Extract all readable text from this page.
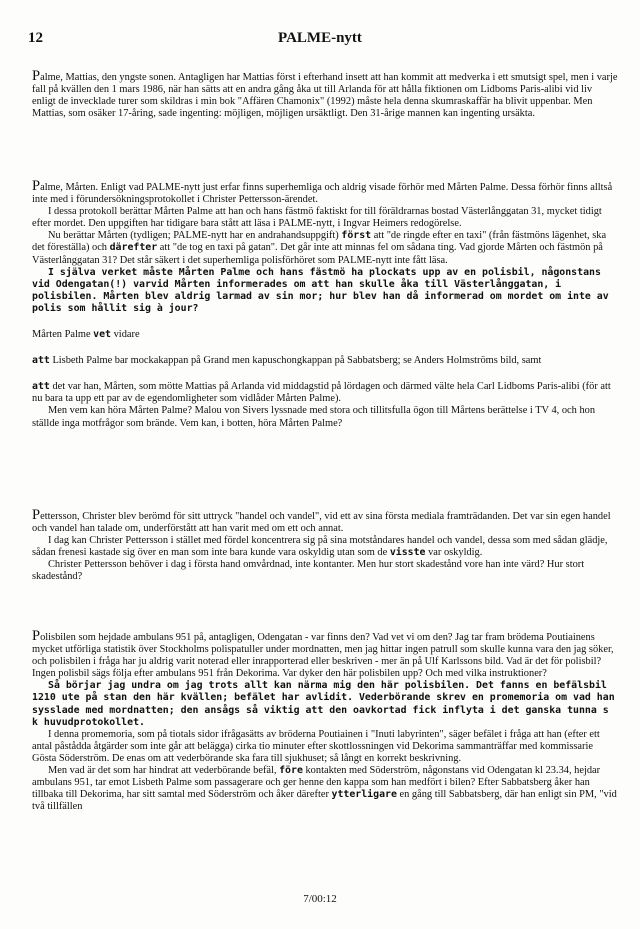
12	PALME-nytt

Palme, Mattias, den yngste sonen. Antagligen har Mattias först i efterhand insett att han kommit att medverka i ett smutsigt spel, men i varje fall på kvällen den 1 mars 1986, när han sätts att en andra gång åka ut till Arlanda för att hålla fiktionen om Lidboms Paris-alibi vid liv enligt de invecklade turer som skildras i min bok "Affären Chamonix" (1992) måste hela denna skumraskaffär ha blivit uppenbar. Men Mattias, som osäker 17-åring, sade ingenting: möjligen, möjligen ursäktligt. Den 31-årige mannen kan ingenting ursäkta.

Palme, Mårten. Enligt vad PALME-nytt just erfar finns superhemliga och aldrig visade förhör med Mårten Palme. Dessa förhör finns alltså inte med i förundersökningsprotokollet i Christer Pettersson-ärendet.

I dessa protokoll berättar Mårten Palme att han och hans fästmö faktiskt for till föräldrarnas bostad Västerlånggatan 31, mycket tidigt efter mordet. Den uppgiften har tidigare bara stått att läsa i PALME-nytt, i Ingvar Heimers redogörelse.

Nu berättar Mårten (tydligen; PALME-nytt har en andrahandsuppgift) först att "de ringde efter en taxi" (från fästmöns lägenhet, ska det föreställa) och därefter att "de tog en taxi på gatan". Det går inte att minnas fel om sådana ting. Vad gjorde Mårten och fästmön på Västerlånggatan 31? Det står säkert i det superhemliga polisförhöret som PALME-nytt inte fått läsa.

I själva verket måste Mårten Palme och hans fästmö ha plockats upp av en polisbil, någonstans vid Odengatan(!) varvid Mårten informerades om att han skulle åka till Västerlånggatan, i polisbilen. Mårten blev aldrig larmad av sin mor; hur blev han då informerad om mordet om inte av polis som hållit sig à jour?

Mårten Palme vet vidare

att Lisbeth Palme bar mockakappan på Grand men kapuschongkappan på Sabbatsberg; se Anders Holmströms bild, samt

att det var han, Mårten, som mötte Mattias på Arlanda vid middagstid på lördagen och därmed välte hela Carl Lidboms Paris-alibi (för att nu bara ta upp ett par av de egendomligheter som vidlåder Mårten Palme).

Men vem kan höra Mårten Palme? Malou von Sivers lyssnade med stora och tillitsfulla ögon till Mårtens berättelse i TV 4, och hon ställde inga motfrågor som brände. Vem kan, i botten, höra Mårten Palme?

Pettersson, Christer blev berömd för sitt uttryck "handel och vandel", vid ett av sina första mediala framträdanden. Det var sin egen handel och vandel han talade om, underförstått att han varit med om ett och annat.

I dag kan Christer Pettersson i stället med fördel koncentrera sig på sina motståndares handel och vandel, dessa som med sådan glädje, sådan frenesi kastade sig över en man som inte bara kunde vara oskyldig utan som de visste var oskyldig.

Christer Pettersson behöver i dag i första hand omvårdnad, inte kontanter. Men hur stort skadestånd vore han inte värd? Hur stort skadestånd?

Polisbilen som hejdade ambulans 951 på, antagligen, Odengatan - var finns den? Vad vet vi om den? Jag tar fram brödema Poutiainens mycket utförliga statistik över Stockholms polispatuller under mordnatten, men jag hittar ingen patrull som skulle kunna vara den jag söker, och polisbilen i fråga har ju aldrig varit noterad eller inrapporterad eller beskriven - mer än på Ulf Karlssons bild. Vad är det för polisbil? Ingen polisbil sägs följa efter ambulans 951 från Dekorima. Var dyker den här polisbilen upp? Och med vilka instruktioner?

Så börjar jag undra om jag trots allt kan närma mig den här polisbilen. Det fanns en befälsbil 1210 ute på stan den här kvällen; befälet har avlidit. Vederbörande skrev en promemoria om vad han sysslade med mordnatten; den ansågs så viktig att den oavkortad fick inflyta i det ganska tunna s k huvudprotokollet.

I denna promemoria, som på tiotals sidor ifrågasätts av bröderna Poutiainen i "Inuti labyrinten", säger befälet i fråga att han (efter ett antal påstådda åtgärder som inte går att belägga) cirka tio minuter efter skottlossningen vid Dekorima sammanträffar med kommissarie Gösta Söderström. De enas om att vederbörande ska fara till sjukhuset; så långt en korrekt beskrivning.

Men vad är det som har hindrat att vederbörande befäl, före kontakten med Söderström, någonstans vid Odengatan kl 23.34, hejdar ambulans 951, tar emot Lisbeth Palme som passagerare och ger henne den kappa som han medfört i bilen? Efter Sabbatsberg åker han tillbaka till Dekorima, har sitt samtal med Söderström och åker därefter ytterligare en gång till Sabbatsberg, där han enligt sin PM, "vid två tillfällen

7/00:12
